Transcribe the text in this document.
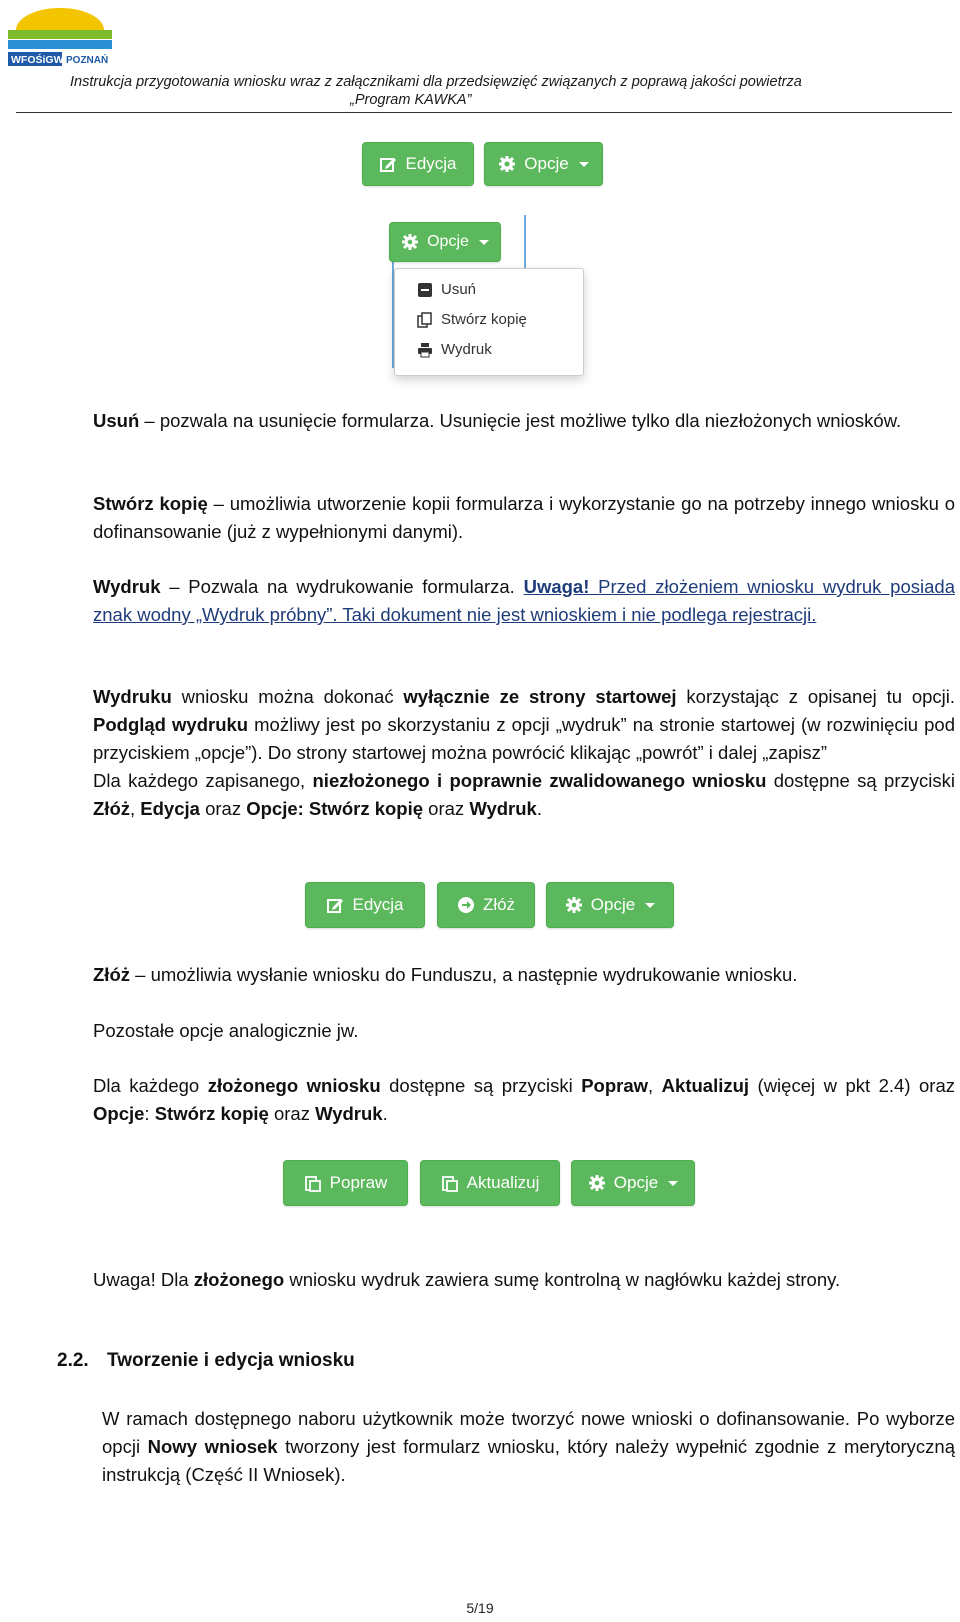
WFOŚiGW POZNAŃ
Instrukcja przygotowania wniosku wraz z załącznikami dla przedsięwzięć związanych z poprawą jakości powietrza
„Program KAWKA”
Edycja	Opcje
Opcje
Usuń
Stwórz kopię
Wydruk
Usuń – pozwala na usunięcie formularza. Usunięcie jest możliwe tylko dla niezłożonych wniosków.
Stwórz kopię – umożliwia utworzenie kopii formularza i wykorzystanie go na potrzeby innego wniosku o dofinansowanie (już z wypełnionymi danymi).
Wydruk – Pozwala na wydrukowanie formularza. Uwaga! Przed złożeniem wniosku wydruk posiada znak wodny „Wydruk próbny”. Taki dokument nie jest wnioskiem i nie podlega rejestracji.
Wydruku wniosku można dokonać wyłącznie ze strony startowej korzystając z opisanej tu opcji. Podgląd wydruku możliwy jest po skorzystaniu z opcji „wydruk” na stronie startowej (w rozwinięciu pod przyciskiem „opcje”). Do strony startowej można powrócić klikając „powrót” i dalej „zapisz”
Dla każdego zapisanego, niezłożonego i poprawnie zwalidowanego wniosku dostępne są przyciski Złóż, Edycja oraz Opcje: Stwórz kopię oraz Wydruk.
Edycja	Złóż	Opcje
Złóż – umożliwia wysłanie wniosku do Funduszu, a następnie wydrukowanie wniosku.
Pozostałe opcje analogicznie jw.
Dla każdego złożonego wniosku dostępne są przyciski Popraw, Aktualizuj (więcej w pkt 2.4) oraz Opcje: Stwórz kopię oraz Wydruk.
Popraw	Aktualizuj	Opcje
Uwaga! Dla złożonego wniosku wydruk zawiera sumę kontrolną w nagłówku każdej strony.
2.2. Tworzenie i edycja wniosku
W ramach dostępnego naboru użytkownik może tworzyć nowe wnioski o dofinansowanie. Po wyborze opcji Nowy wniosek tworzony jest formularz wniosku, który należy wypełnić zgodnie z merytoryczną instrukcją (Część II Wniosek).
5/19
